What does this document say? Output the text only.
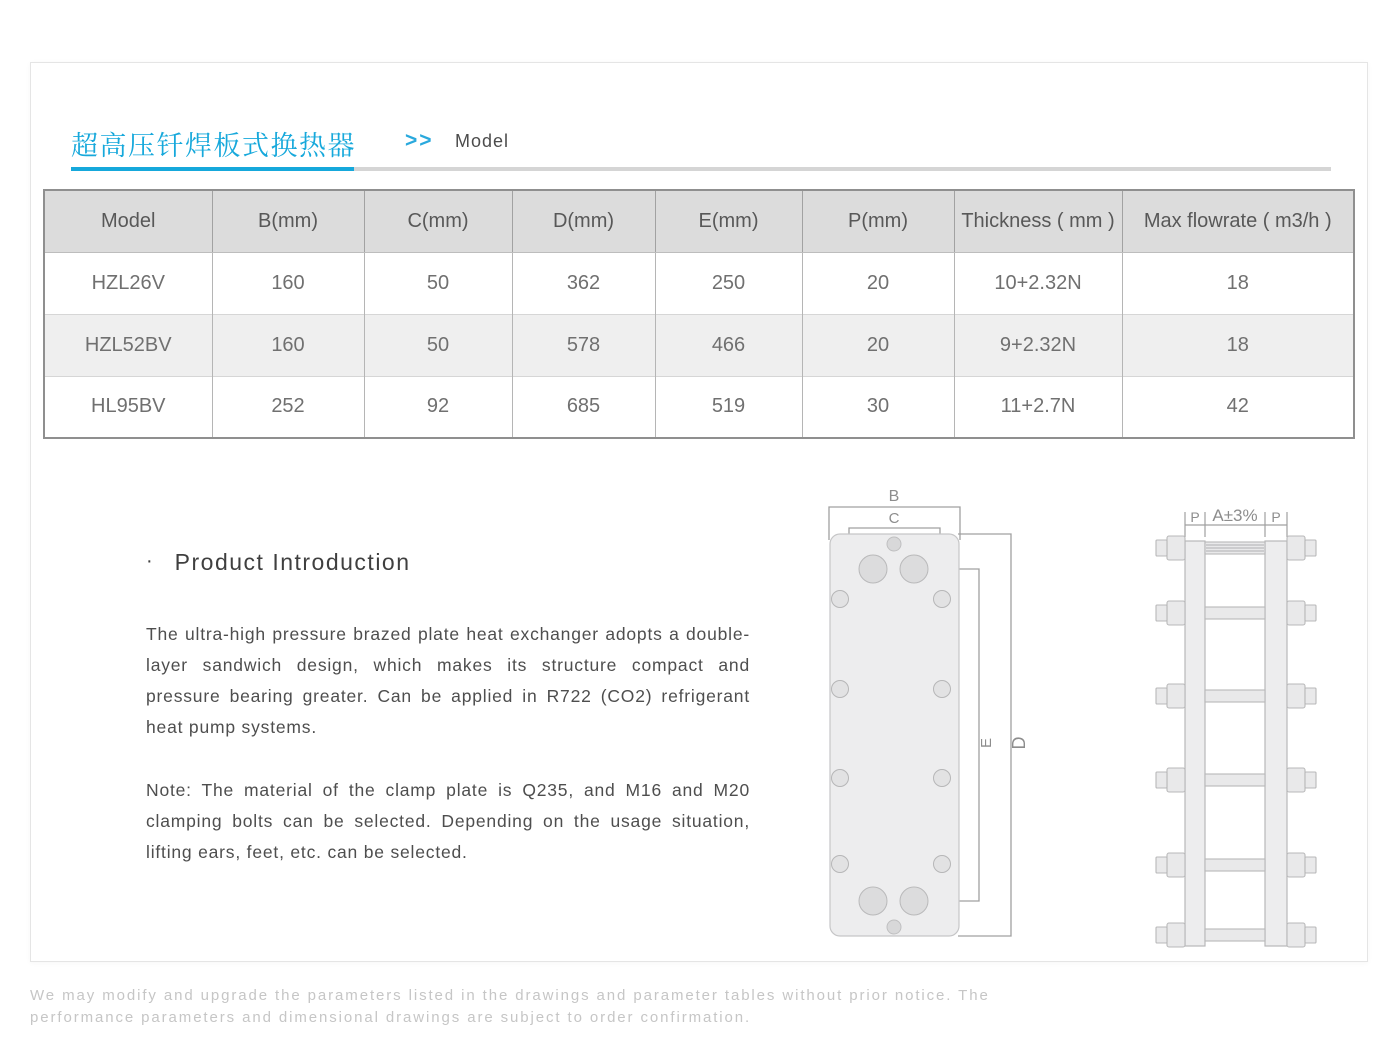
超高压钎焊板式换热器 >> Model
Model	B(mm)	C(mm)	D(mm)	E(mm)	P(mm)	Thickness ( mm )	Max flowrate ( m3/h )
HZL26V	160	50	362	250	20	10+2.32N	18
HZL52BV	160	50	578	466	20	9+2.32N	18
HL95BV	252	92	685	519	30	11+2.7N	42
· Product Introduction
The ultra-high pressure brazed plate heat exchanger adopts a double-layer sandwich design, which makes its structure compact and pressure bearing greater. Can be applied in R722 (CO2) refrigerant heat pump systems.
Note: The material of the clamp plate is Q235, and M16 and M20 clamping bolts can be selected. Depending on the usage situation, lifting ears, feet, etc. can be selected.
B
C
E D
P A±3% P
We may modify and upgrade the parameters listed in the drawings and parameter tables without prior notice. The
performance parameters and dimensional drawings are subject to order confirmation.
